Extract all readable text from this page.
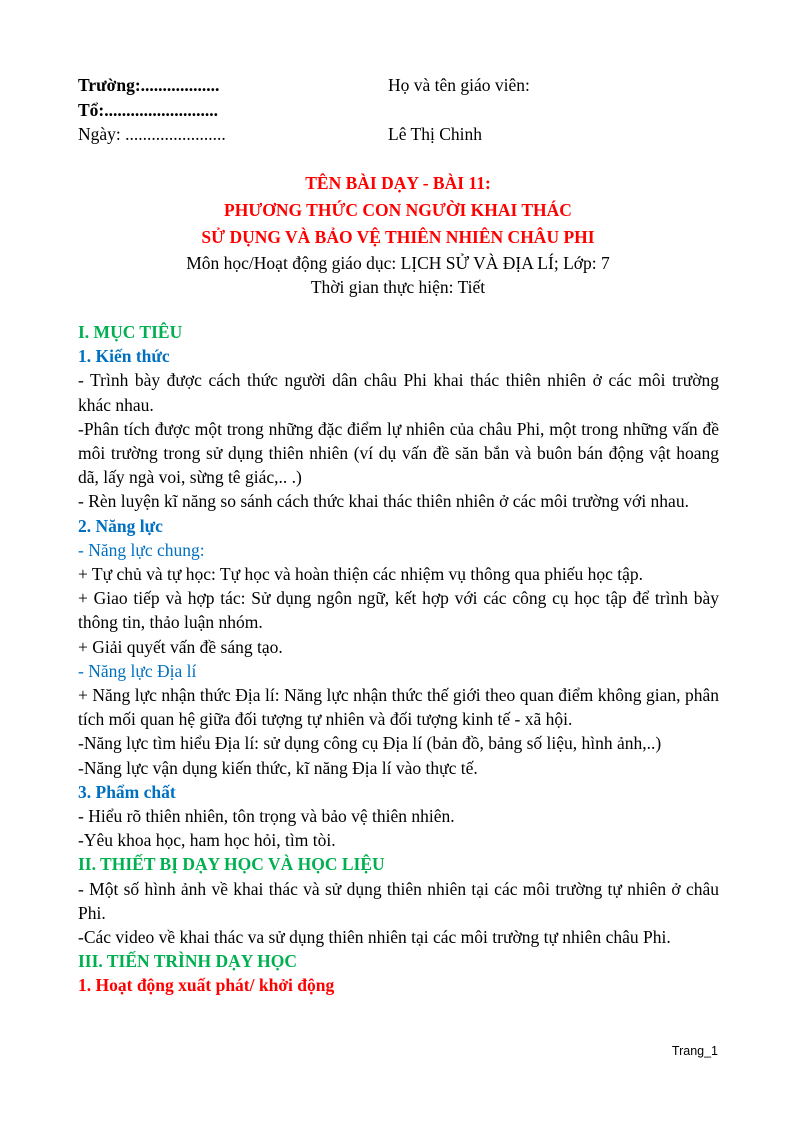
Trường:..................	Họ và tên giáo viên:
Tổ:..........................
Ngày: .......................	Lê Thị Chinh
TÊN BÀI DẠY - BÀI 11:
PHƯƠNG THỨC CON NGƯỜI KHAI THÁC
SỬ DỤNG VÀ BẢO VỆ THIÊN NHIÊN CHÂU PHI
Môn học/Hoạt động giáo dục: LỊCH SỬ VÀ ĐỊA LÍ; Lớp: 7
Thời gian thực hiện: Tiết
I. MỤC TIÊU
1. Kiến thức

- Trình bày được cách thức người dân châu Phi khai thác thiên nhiên ở các môi trường khác nhau.

-Phân tích được một trong những đặc điểm lự nhiên của châu Phi, một trong những vấn đề môi trường trong sử dụng thiên nhiên (ví dụ vấn đề săn bắn và buôn bán động vật hoang dã, lấy ngà voi, sừng tê giác,.. .)

- Rèn luyện kĩ năng so sánh cách thức khai thác thiên nhiên ở các môi trường với nhau.

2. Năng lực
- Năng lực chung:

+ Tự chủ và tự học: Tự học và hoàn thiện các nhiệm vụ thông qua phiếu học tập.

+ Giao tiếp và hợp tác: Sử dụng ngôn ngữ, kết hợp với các công cụ học tập để trình bày thông tin, thảo luận nhóm.

+ Giải quyết vấn đề sáng tạo.

- Năng lực Địa lí

+ Năng lực nhận thức Địa lí: Năng lực nhận thức thế giới theo quan điểm không gian, phân tích mối quan hệ giữa đối tượng tự nhiên và đối tượng kinh tế - xã hội.

-Năng lực tìm hiểu Địa lí: sử dụng công cụ Địa lí (bản đồ, bảng số liệu, hình ảnh,..)

-Năng lực vận dụng kiến thức, kĩ năng Địa lí vào thực tế.

3. Phẩm chất

- Hiểu rõ thiên nhiên, tôn trọng và bảo vệ thiên nhiên.

-Yêu khoa học, ham học hỏi, tìm tòi.

II. THIẾT BỊ DẠY HỌC VÀ HỌC LIỆU

- Một số hình ảnh về khai thác và sử dụng thiên nhiên tại các môi trường tự nhiên ở châu Phi.

-Các video về khai thác va sử dụng thiên nhiên tại các môi trường tự nhiên châu Phi.

III. TIẾN TRÌNH DẠY HỌC
1. Hoạt động xuất phát/ khởi động
Trang_1
